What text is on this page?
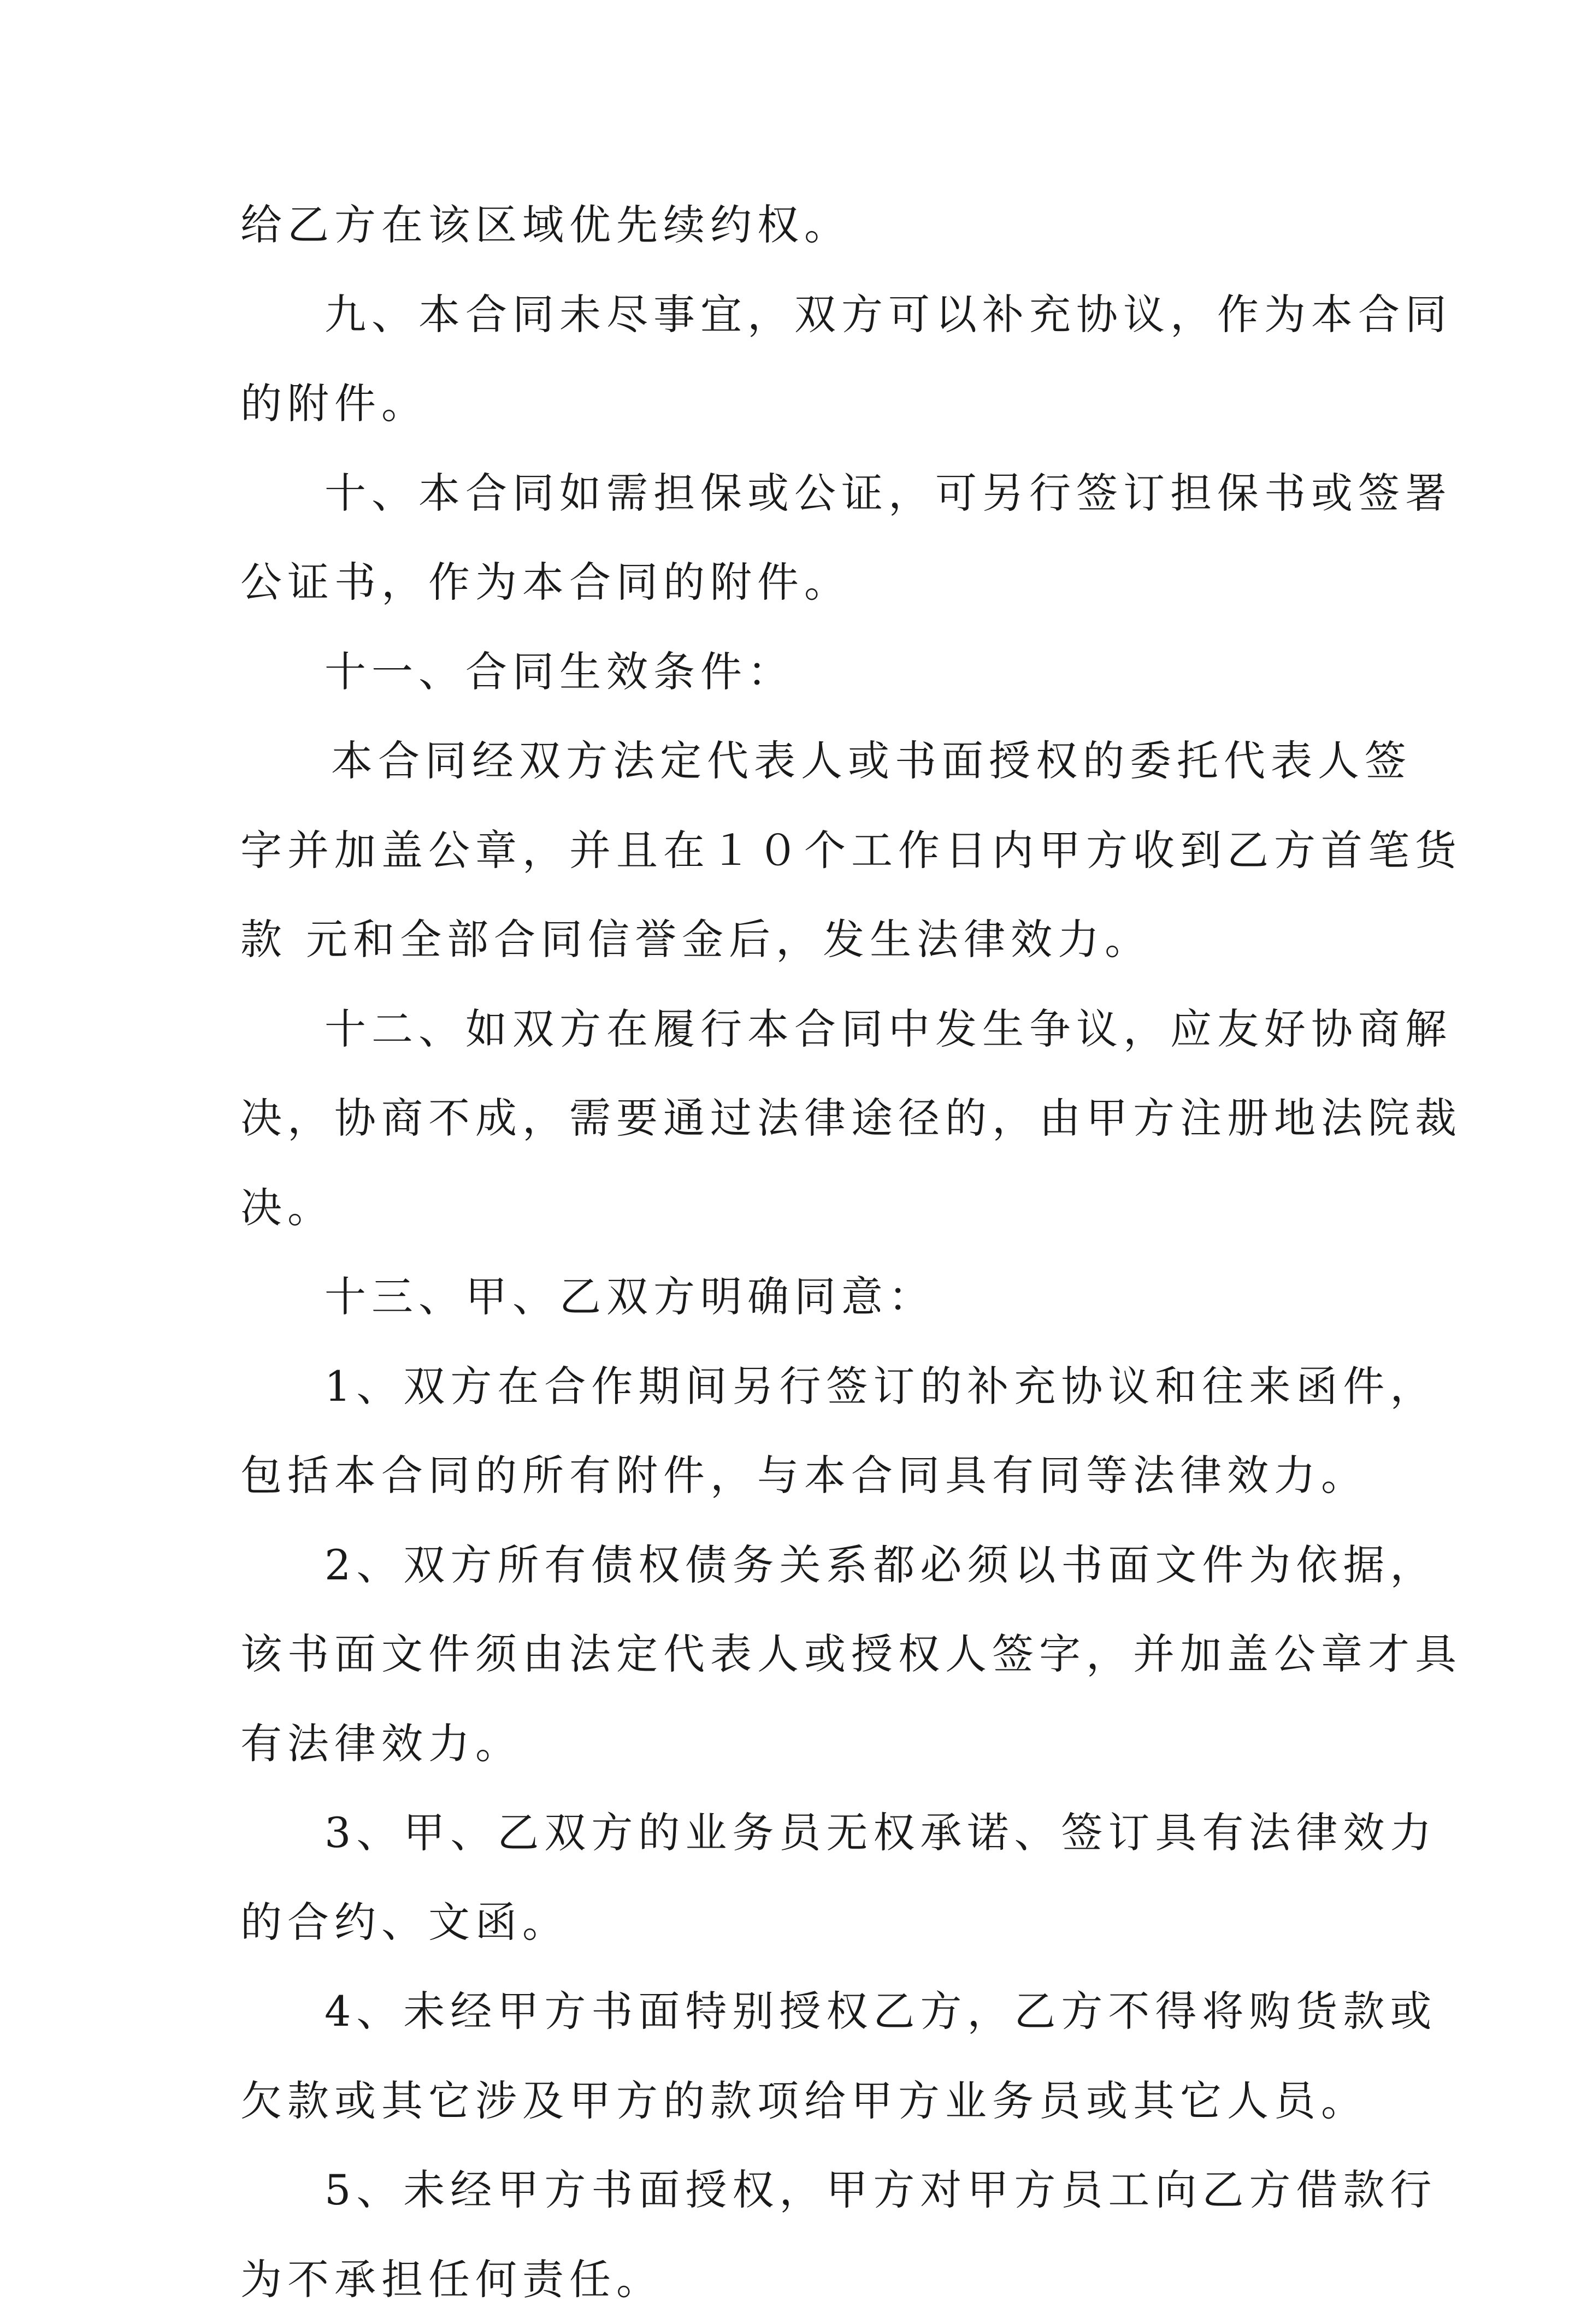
给乙方在该区域优先续约权。
九、本合同未尽事宜，双方可以补充协议，作为本合同
的附件。
十、本合同如需担保或公证，可另行签订担保书或签署
公证书，作为本合同的附件。
十一、合同生效条件：
本合同经双方法定代表人或书面授权的委托代表人签
字并加盖公章，并且在１０个工作日内甲方收到乙方首笔货
款 元和全部合同信誉金后，发生法律效力。
十二、如双方在履行本合同中发生争议，应友好协商解
决，协商不成，需要通过法律途径的，由甲方注册地法院裁
决。
十三、甲、乙双方明确同意：
1、双方在合作期间另行签订的补充协议和往来函件，
包括本合同的所有附件，与本合同具有同等法律效力。
2、双方所有债权债务关系都必须以书面文件为依据，
该书面文件须由法定代表人或授权人签字，并加盖公章才具
有法律效力。
3、甲、乙双方的业务员无权承诺、签订具有法律效力
的合约、文函。
4、未经甲方书面特别授权乙方，乙方不得将购货款或
欠款或其它涉及甲方的款项给甲方业务员或其它人员。
5、未经甲方书面授权，甲方对甲方员工向乙方借款行
为不承担任何责任。
